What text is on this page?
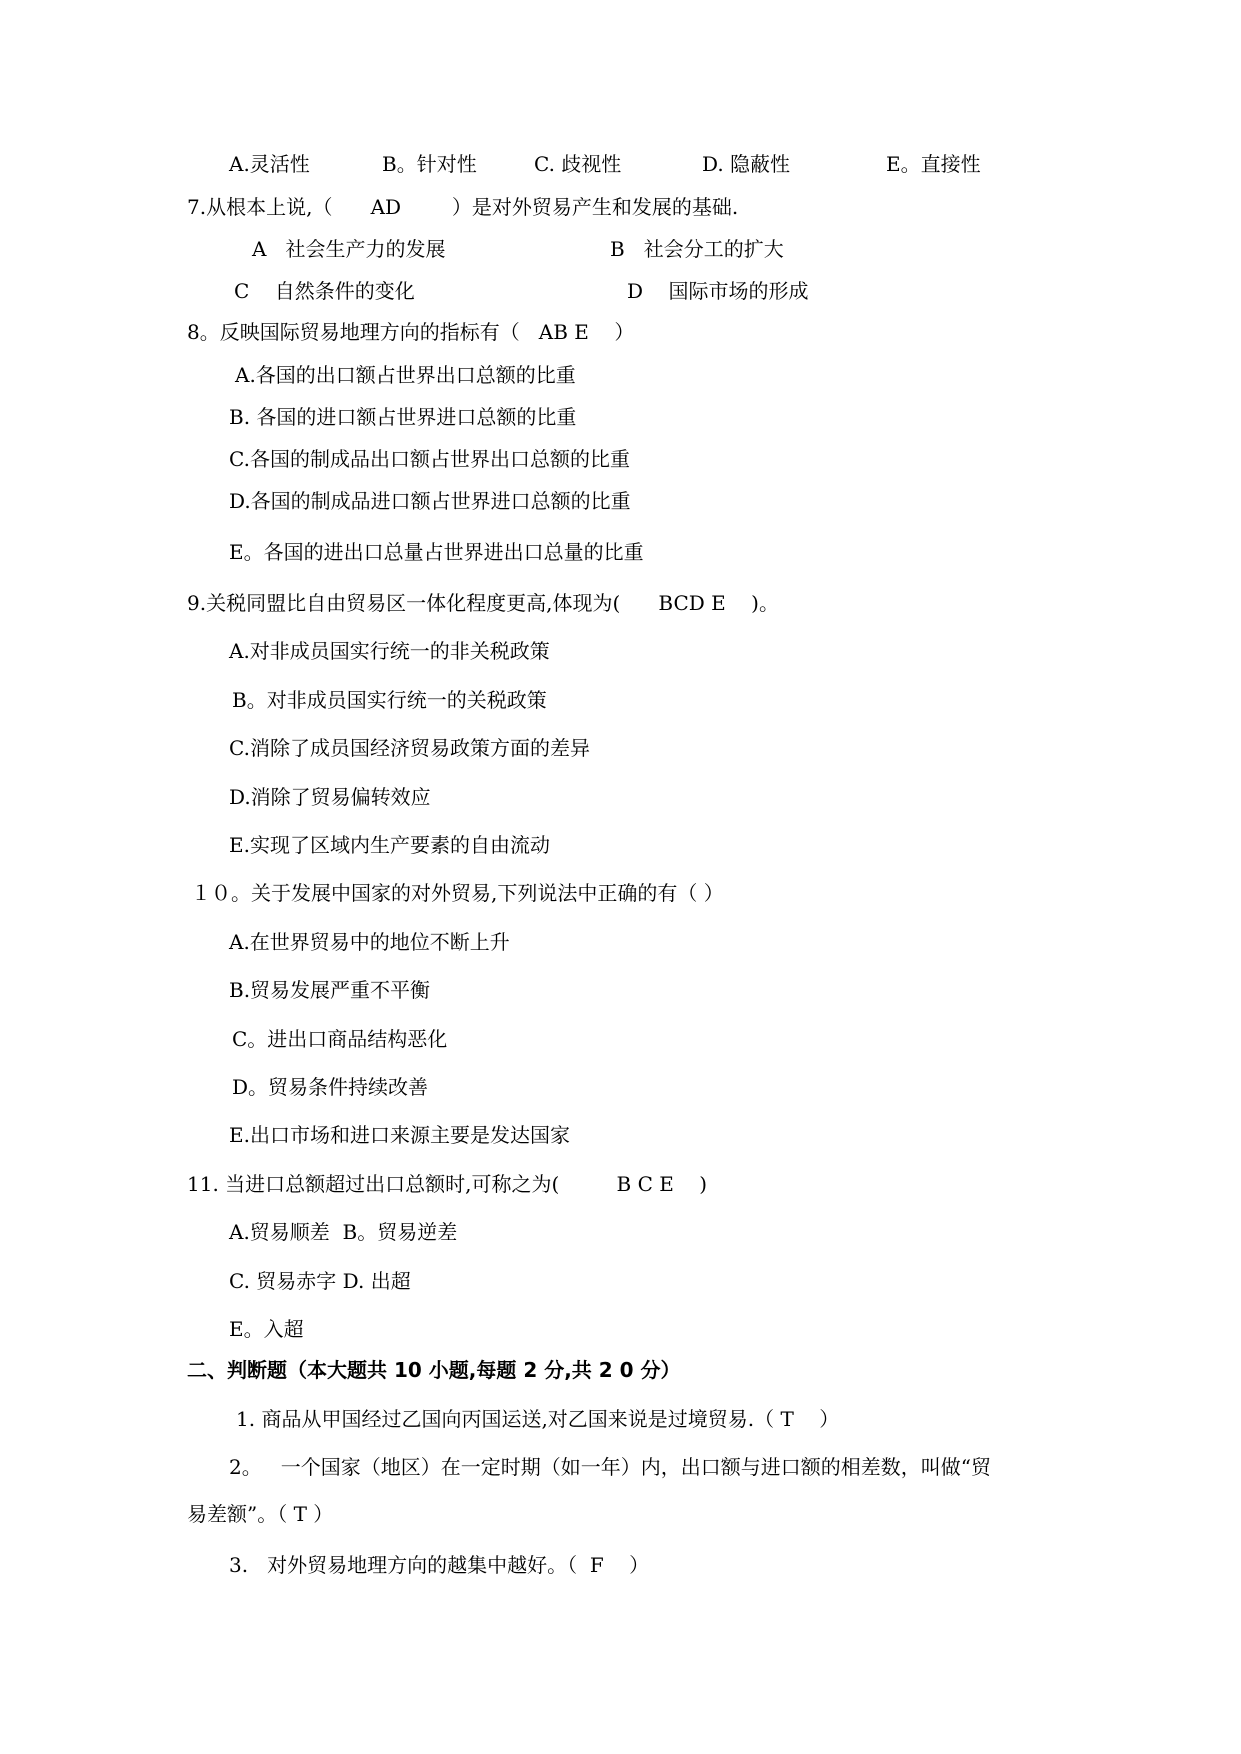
A.灵活性	B。针对性	C. 歧视性	D. 隐蔽性	E。直接性
7.从根本上说,（      AD        ）是对外贸易产生和发展的基础.
A   社会生产力的发展	B   社会分工的扩大
C    自然条件的变化	D    国际市场的形成
8。反映国际贸易地理方向的指标有（   AB E    ）
A.各国的出口额占世界出口总额的比重
B. 各国的进口额占世界进口总额的比重
C.各国的制成品出口额占世界出口总额的比重
D.各国的制成品进口额占世界进口总额的比重
E。各国的进出口总量占世界进出口总量的比重
9.关税同盟比自由贸易区一体化程度更高,体现为(      BCD E    )。
A.对非成员国实行统一的非关税政策
B。对非成员国实行统一的关税政策
C.消除了成员国经济贸易政策方面的差异
D.消除了贸易偏转效应
E.实现了区域内生产要素的自由流动
１０。关于发展中国家的对外贸易,下列说法中正确的有（ ）
A.在世界贸易中的地位不断上升
B.贸易发展严重不平衡
C。进出口商品结构恶化
D。贸易条件持续改善
E.出口市场和进口来源主要是发达国家
11. 当进口总额超过出口总额时,可称之为(         B C E    )
A.贸易顺差  B。贸易逆差
C. 贸易赤字 D. 出超
E。入超
二、判断题（本大题共 10 小题,每题 2 分,共 2 0 分）
1. 商品从甲国经过乙国向丙国运送,对乙国来说是过境贸易.（ T    ）
2。   一个国家（地区）在一定时期（如一年）内，出口额与进口额的相差数，叫做“贸
易差额”。（ T ）
3.   对外贸易地理方向的越集中越好。（  F    ）
